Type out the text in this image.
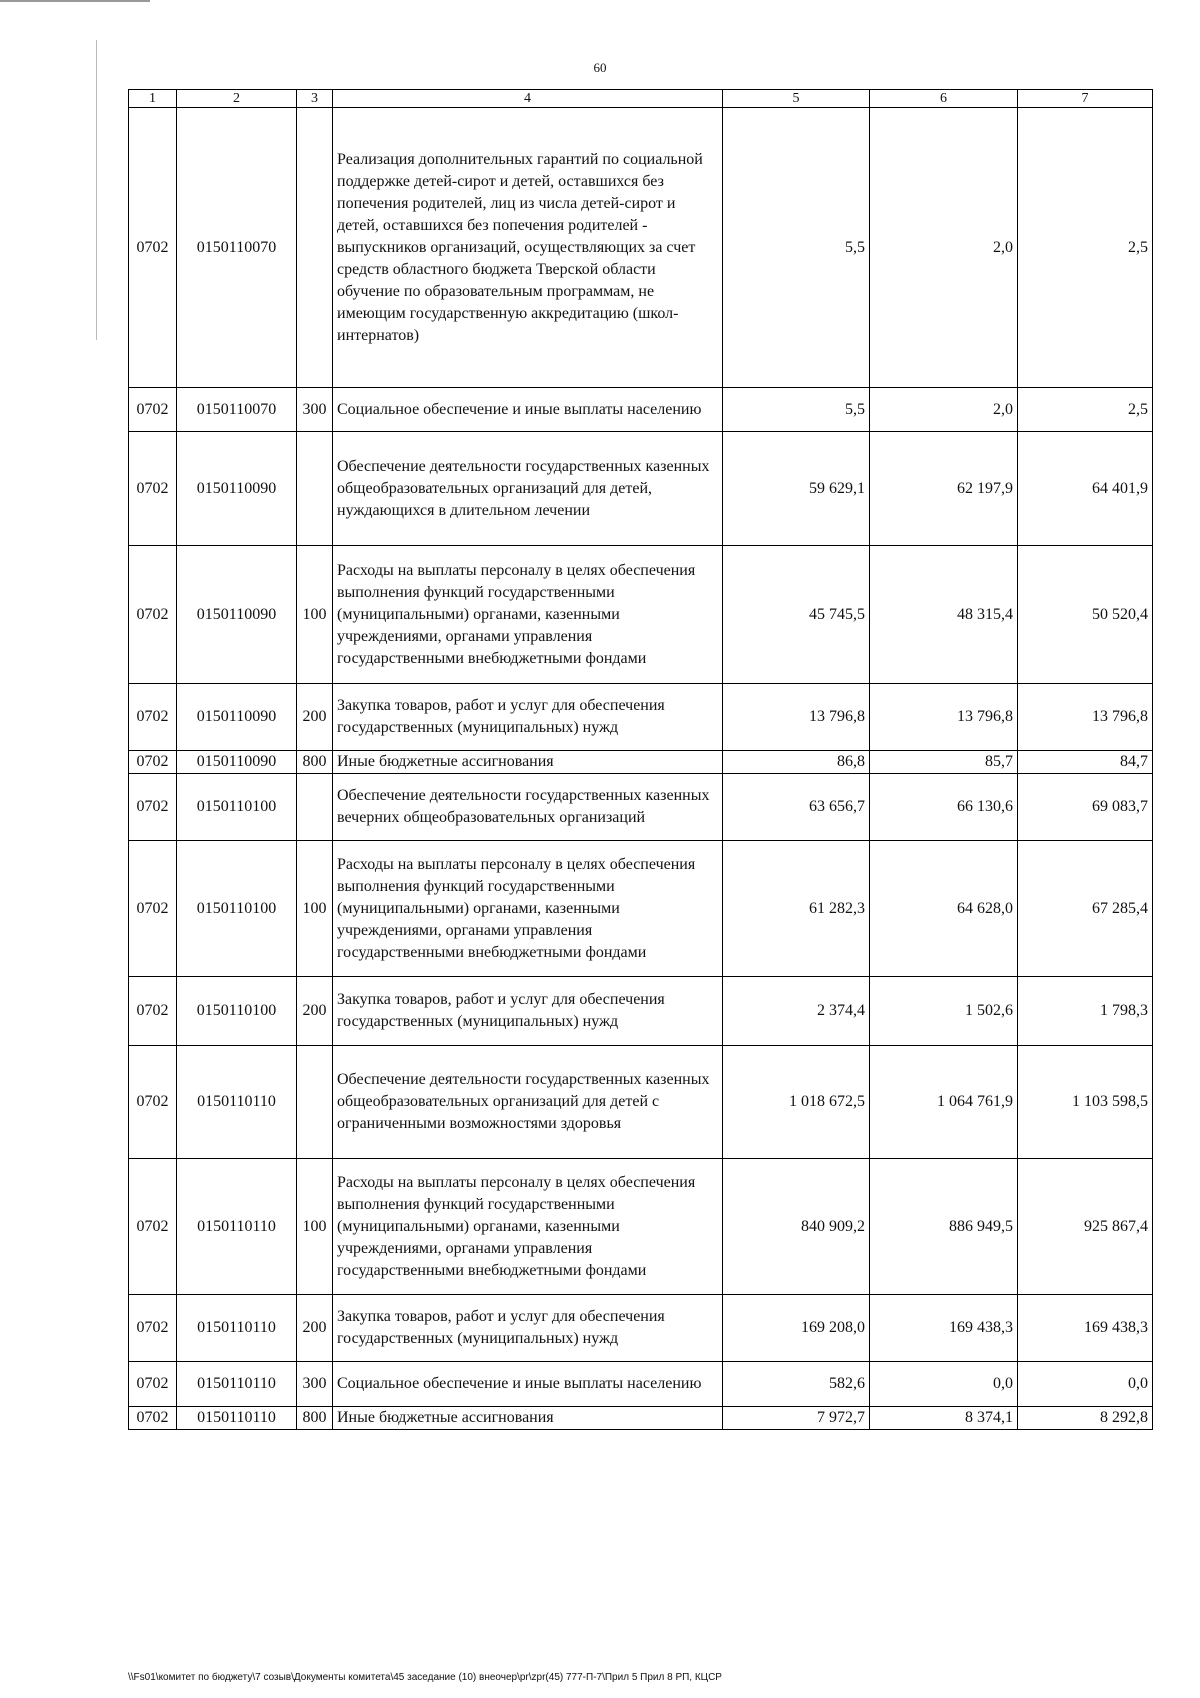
60
1	2	3	4	5	6	7
0702	0150110070		Реализация дополнительных гарантий по социальной поддержке детей-сирот и детей, оставшихся без попечения родителей, лиц из числа детей-сирот и детей, оставшихся без попечения родителей - выпускников организаций, осуществляющих за счет средств областного бюджета Тверской области обучение по образовательным программам, не имеющим государственную аккредитацию (школ-интернатов)	5,5	2,0	2,5
0702	0150110070	300	Социальное обеспечение и иные выплаты населению	5,5	2,0	2,5
0702	0150110090		Обеспечение деятельности государственных казенных общеобразовательных организаций для детей, нуждающихся в длительном лечении	59 629,1	62 197,9	64 401,9
0702	0150110090	100	Расходы на выплаты персоналу в целях обеспечения выполнения функций государственными (муниципальными) органами, казенными учреждениями, органами управления государственными внебюджетными фондами	45 745,5	48 315,4	50 520,4
0702	0150110090	200	Закупка товаров, работ и услуг для обеспечения государственных (муниципальных) нужд	13 796,8	13 796,8	13 796,8
0702	0150110090	800	Иные бюджетные ассигнования	86,8	85,7	84,7
0702	0150110100		Обеспечение деятельности государственных казенных вечерних общеобразовательных организаций	63 656,7	66 130,6	69 083,7
0702	0150110100	100	Расходы на выплаты персоналу в целях обеспечения выполнения функций государственными (муниципальными) органами, казенными учреждениями, органами управления государственными внебюджетными фондами	61 282,3	64 628,0	67 285,4
0702	0150110100	200	Закупка товаров, работ и услуг для обеспечения государственных (муниципальных) нужд	2 374,4	1 502,6	1 798,3
0702	0150110110		Обеспечение деятельности государственных казенных общеобразовательных организаций для детей с ограниченными возможностями здоровья	1 018 672,5	1 064 761,9	1 103 598,5
0702	0150110110	100	Расходы на выплаты персоналу в целях обеспечения выполнения функций государственными (муниципальными) органами, казенными учреждениями, органами управления государственными внебюджетными фондами	840 909,2	886 949,5	925 867,4
0702	0150110110	200	Закупка товаров, работ и услуг для обеспечения государственных (муниципальных) нужд	169 208,0	169 438,3	169 438,3
0702	0150110110	300	Социальное обеспечение и иные выплаты населению	582,6	0,0	0,0
0702	0150110110	800	Иные бюджетные ассигнования	7 972,7	8 374,1	8 292,8
\\Fs01\комитет по бюджету\7 созыв\Документы комитета\45 заседание (10) внеочер\pr\zpr(45) 777-П-7\Прил 5 Прил 8 РП, КЦСР
